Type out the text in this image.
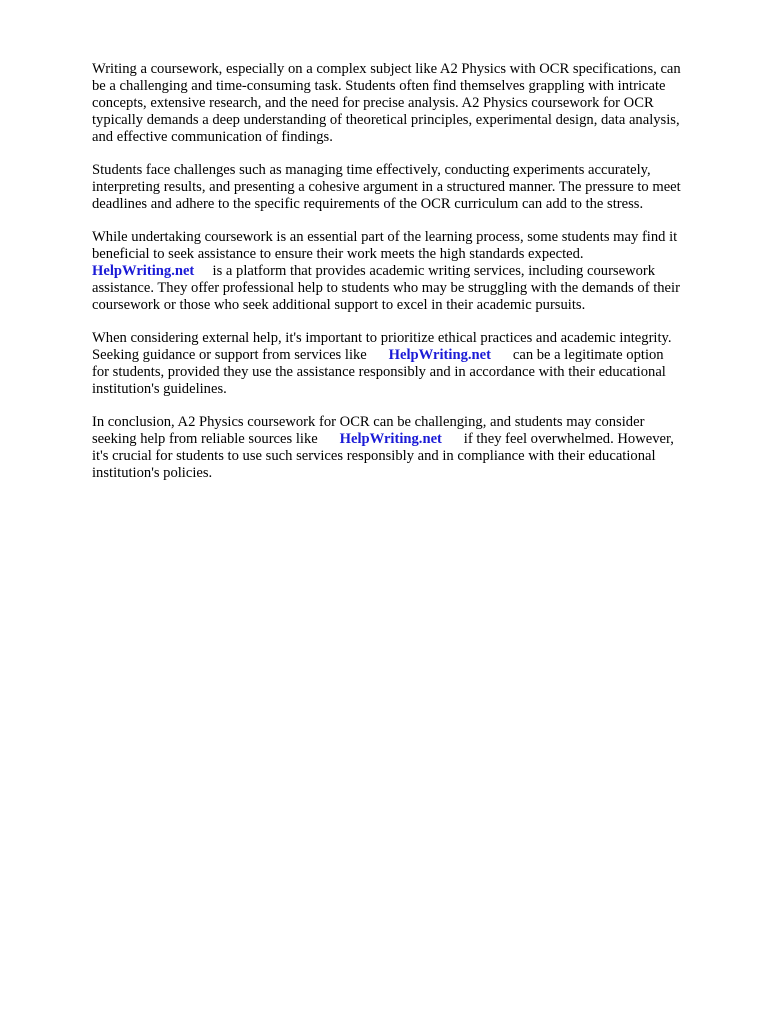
Writing a coursework, especially on a complex subject like A2 Physics with OCR specifications, can
be a challenging and time-consuming task. Students often find themselves grappling with intricate
concepts, extensive research, and the need for precise analysis. A2 Physics coursework for OCR
typically demands a deep understanding of theoretical principles, experimental design, data analysis,
and effective communication of findings.

Students face challenges such as managing time effectively, conducting experiments accurately,
interpreting results, and presenting a cohesive argument in a structured manner. The pressure to meet
deadlines and adhere to the specific requirements of the OCR curriculum can add to the stress.

While undertaking coursework is an essential part of the learning process, some students may find it
beneficial to seek assistance to ensure their work meets the high standards expected.
HelpWriting.net     is a platform that provides academic writing services, including coursework
assistance. They offer professional help to students who may be struggling with the demands of their
coursework or those who seek additional support to excel in their academic pursuits.

When considering external help, it's important to prioritize ethical practices and academic integrity.
Seeking guidance or support from services like      HelpWriting.net      can be a legitimate option
for students, provided they use the assistance responsibly and in accordance with their educational
institution's guidelines.

In conclusion, A2 Physics coursework for OCR can be challenging, and students may consider
seeking help from reliable sources like      HelpWriting.net      if they feel overwhelmed. However,
it's crucial for students to use such services responsibly and in compliance with their educational
institution's policies.
